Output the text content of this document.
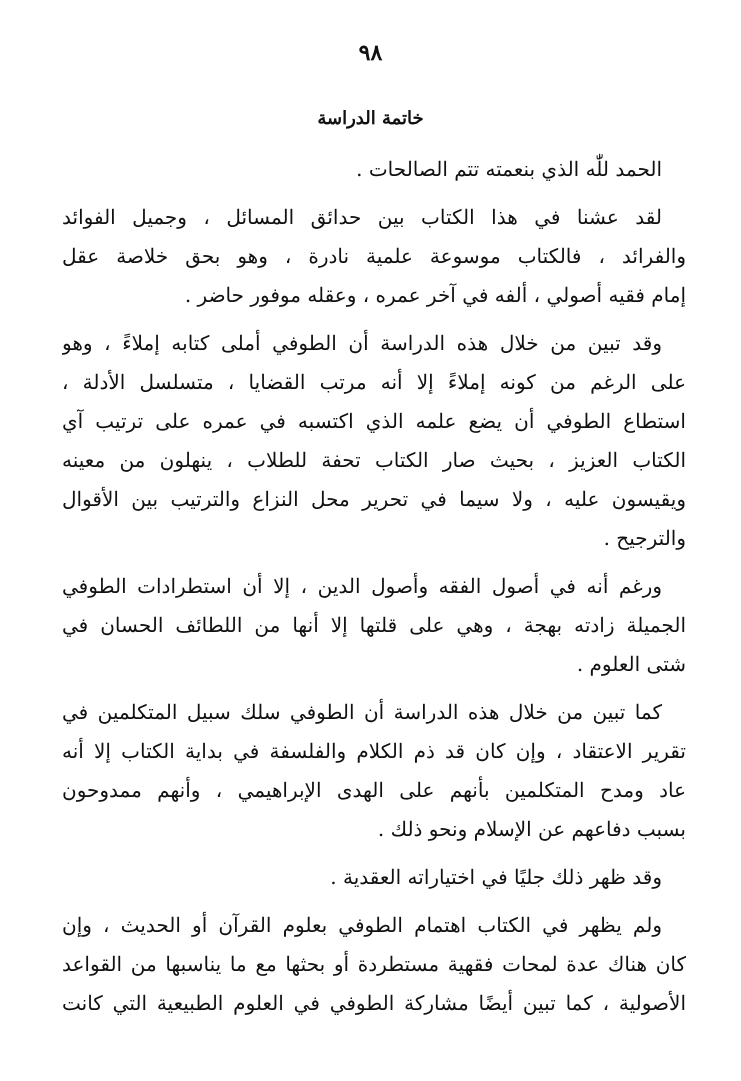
٩٨
خاتمة الدراسة
الحمد للّٰه الذي بنعمته تتم الصالحات .
لقد عشنا في هذا الكتاب بين حدائق المسائل ، وجميل الفوائد
والفرائد ، فالكتاب موسوعة علمية نادرة ، وهو بحق خلاصة عقل
إمام فقيه أصولي ، ألفه في آخر عمره ، وعقله موفور حاضر .
وقد تبين من خلال هذه الدراسة أن الطوفي أملى كتابه إملاءً ، وهو
على الرغم من كونه إملاءً إلا أنه مرتب القضايا ، متسلسل الأدلة ،
استطاع الطوفي أن يضع علمه الذي اكتسبه في عمره على ترتيب آي
الكتاب العزيز ، بحيث صار الكتاب تحفة للطلاب ، ينهلون من معينه
ويقيسون عليه ، ولا سيما في تحرير محل النزاع والترتيب بين الأقوال
والترجيح .
ورغم أنه في أصول الفقه وأصول الدين ، إلا أن استطرادات الطوفي
الجميلة زادته بهجة ، وهي على قلتها إلا أنها من اللطائف الحسان في
شتى العلوم .
كما تبين من خلال هذه الدراسة أن الطوفي سلك سبيل المتكلمين في
تقرير الاعتقاد ، وإن كان قد ذم الكلام والفلسفة في بداية الكتاب إلا أنه
عاد ومدح المتكلمين بأنهم على الهدى الإبراهيمي ، وأنهم ممدوحون
بسبب دفاعهم عن الإسلام ونحو ذلك .
وقد ظهر ذلك جليًا في اختياراته العقدية .
ولم يظهر في الكتاب اهتمام الطوفي بعلوم القرآن أو الحديث ، وإن
كان هناك عدة لمحات فقهية مستطردة أو بحثها مع ما يناسبها من القواعد
الأصولية ، كما تبين أيضًا مشاركة الطوفي في العلوم الطبيعية التي كانت
